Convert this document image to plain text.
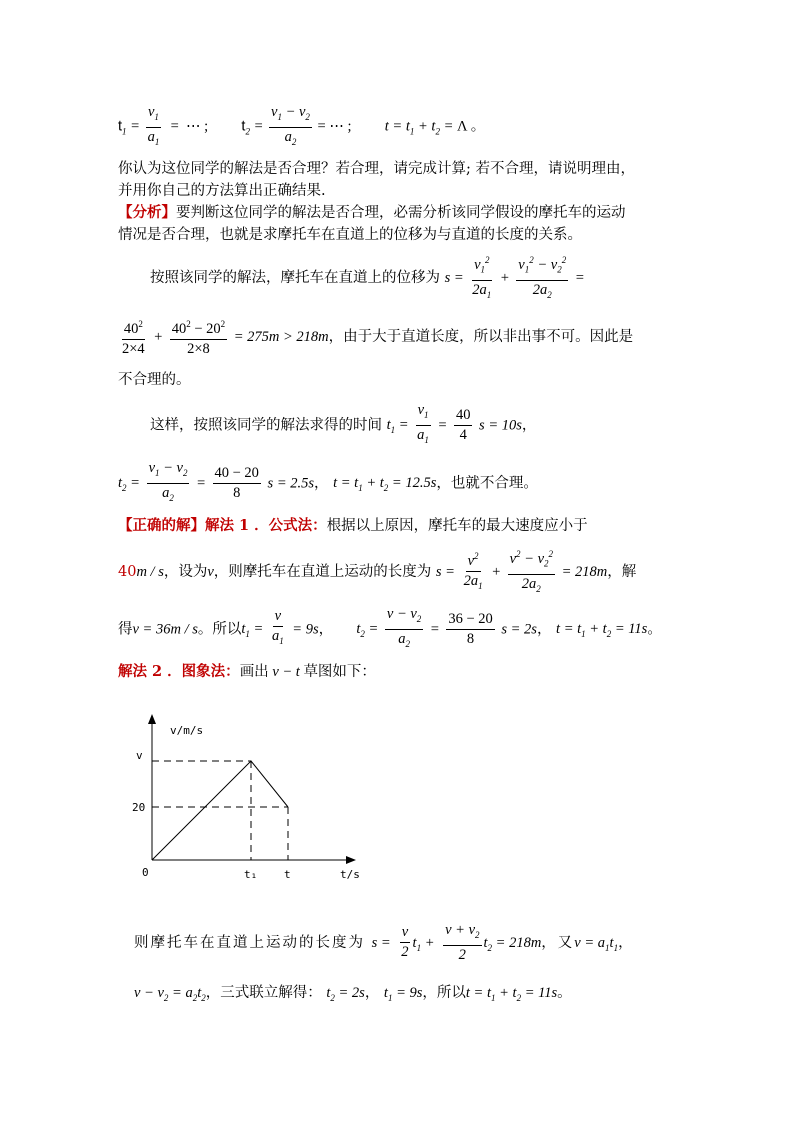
$t_1 = \frac{v_1}{a_1}$ =  ⋯ ; $t_2 = \frac{v_1 - v_2}{a_2}$ = ⋯ ;  $t = t_1 + t_2 = \Lambda$ 。
你认为这位同学的解法是否合理？若合理，请完成计算; 若不合理，请说明理由，
并用你自己的方法算出正确结果.
【分析】要判断这位同学的解法是否合理，必需分析该同学假设的摩托车的运动
情况是否合理，也就是求摩托车在直道上的位移为与直道的长度的关系。
按照该同学的解法，摩托车在直道上的位移为 $s = \frac{v_1^2}{2a_1} + \frac{v_1^2 - v_2^2}{2a_2}$ =
$\frac{40^2}{2\times 4} + \frac{40^2 - 20^2}{2\times 8} = 275m > 218m$，由于大于直道长度，所以非出事不可。因此是
不合理的。
这样，按照该同学的解法求得的时间 $t_1 = \frac{v_1}{a_1} = \frac{40}{4}$ s = 10s，
$t_2 = \frac{v_1 - v_2}{a_2} = \frac{40 - 20}{8}$ s = 2.5s， $t = t_1 + t_2 = 12.5s$，也就不合理。
【正确的解】解法 1 ．公式法：根据以上原因，摩托车的最大速度应小于
40m / s，设为v，则摩托车在直道上运动的长度为 $s = \frac{v^2}{2a_1} + \frac{v^2 - v_2^2}{2a_2} = 218m$，解
得v = 36m / s。所以$t_1 = \frac{v}{a_1} = 9s$，  $t_2 = \frac{v - v_2}{a_2} = \frac{36 - 20}{8}$ s = 2s， $t = t_1 + t_2 = 11s$。
解法 2 ．图象法：画出 v − t 草图如下：
v/m/s
v
20
0	t₁ t	t/s
则摩托车在直道上运动的长度为 $s = \frac{v}{2} t_1 + \frac{v + v_2}{2} t_2 = 218m$，又$v = a_1t_1$，
$v - v_2 = a_2t_2$，三式联立解得： $t_2 = 2s$， $t_1 = 9s$，所以$t = t_1 + t_2 = 11s$。
